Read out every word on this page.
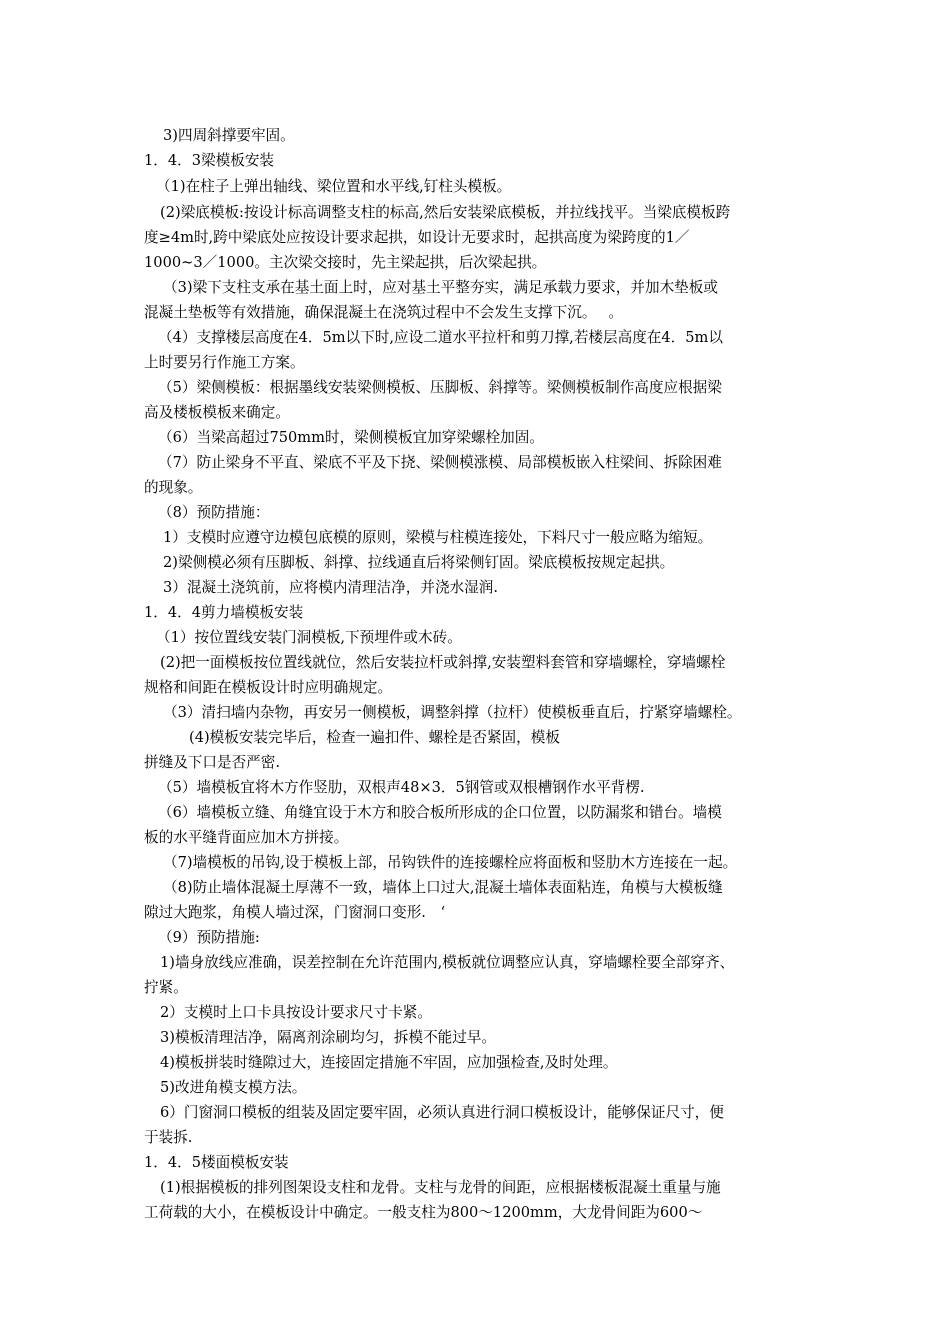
3)四周斜撑要牢固。
1．4．3梁模板安装
（1)在柱子上弹出轴线、梁位置和水平线,钉柱头模板。
(2)梁底模板:按设计标高调整支柱的标高,然后安装梁底模板，并拉线找平。当梁底模板跨
度≥4m时,跨中梁底处应按设计要求起拱，如设计无要求时，起拱高度为梁跨度的1／
1000~3／1000。主次梁交接时，先主梁起拱，后次梁起拱。
（3)梁下支柱支承在基土面上时，应对基土平整夯实，满足承载力要求，并加木垫板或
混凝土垫板等有效措施，确保混凝土在浇筑过程中不会发生支撑下沉。　 。
（4）支撑楼层高度在4．5m以下时,应设二道水平拉杆和剪刀撑,若楼层高度在4．5m以
上时要另行作施工方案。
（5）梁侧模板：根据墨线安装梁侧模板、压脚板、斜撑等。梁侧模板制作高度应根据梁
高及楼板模板来确定。
（6）当梁高超过750mm时，梁侧模板宜加穿梁螺栓加固。
（7）防止梁身不平直、梁底不平及下挠、梁侧模涨模、局部模板嵌入柱梁间、拆除困难
的现象。
（8）预防措施：
1）支模时应遵守边模包底模的原则，梁模与柱模连接处，下料尺寸一般应略为缩短。
2)梁侧模必须有压脚板、斜撑、拉线通直后将梁侧钉固。梁底模板按规定起拱。
3）混凝土浇筑前，应将模内清理洁净，并浇水湿润.
1．4．4剪力墙模板安装
（1）按位置线安装门洞模板,下预埋件或木砖。
(2)把一面模板按位置线就位，然后安装拉杆或斜撑,安装塑料套管和穿墙螺栓，穿墙螺栓
规格和间距在模板设计时应明确规定。
（3）清扫墙内杂物，再安另一侧模板，调整斜撑（拉杆）使模板垂直后，拧紧穿墙螺栓。
(4)模板安装完毕后，检查一遍扣件、螺栓是否紧固，模板
拼缝及下口是否严密.
（5）墙模板宜将木方作竖肋，双根声48×3．5钢管或双根槽钢作水平背楞.
（6）墙模板立缝、角缝宜设于木方和胶合板所形成的企口位置，以防漏浆和错台。墙模
板的水平缝背面应加木方拼接。
（7)墙模板的吊钩,设于模板上部，吊钩铁件的连接螺栓应将面板和竖肋木方连接在一起。
（8)防止墙体混凝土厚薄不一致，墙体上口过大,混凝土墙体表面粘连，角模与大模板缝
隙过大跑浆，角模人墙过深，门窗洞口变形.　‘
（9）预防措施:
1)墙身放线应准确，误差控制在允许范围内,模板就位调整应认真，穿墙螺栓要全部穿齐、
拧紧。
2）支模时上口卡具按设计要求尺寸卡紧。
3)模板清理洁净，隔离剂涂刷均匀，拆模不能过早。
4)模板拼装时缝隙过大，连接固定措施不牢固，应加强检查,及时处理。
5)改进角模支模方法。
6）门窗洞口模板的组装及固定要牢固，必须认真进行洞口模板设计，能够保证尺寸，便
于装拆.
1．4．5楼面模板安装
(1)根据模板的排列图架设支柱和龙骨。支柱与龙骨的间距，应根据楼板混凝土重量与施
工荷载的大小，在模板设计中确定。一般支柱为800～1200mm，大龙骨间距为600～
